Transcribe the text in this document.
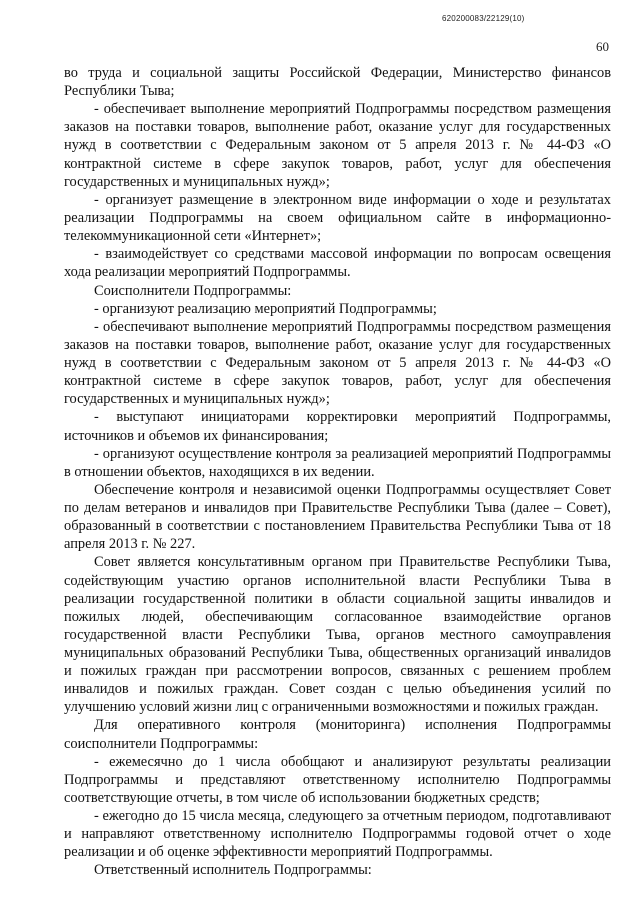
620200083/22129(10)
60

во труда и социальной защиты Российской Федерации, Министерство финансов Республики Тыва;

- обеспечивает выполнение мероприятий Подпрограммы посредством размещения заказов на поставки товаров, выполнение работ, оказание услуг для государственных нужд в соответствии с Федеральным законом от 5 апреля 2013 г. № 44-ФЗ «О контрактной системе в сфере закупок товаров, работ, услуг для обеспечения государственных и муниципальных нужд»;

- организует размещение в электронном виде информации о ходе и результатах реализации Подпрограммы на своем официальном сайте в информационно-телекоммуникационной сети «Интернет»;

- взаимодействует со средствами массовой информации по вопросам освещения хода реализации мероприятий Подпрограммы.

Соисполнители Подпрограммы:

- организуют реализацию мероприятий Подпрограммы;

- обеспечивают выполнение мероприятий Подпрограммы посредством размещения заказов на поставки товаров, выполнение работ, оказание услуг для государственных нужд в соответствии с Федеральным законом от 5 апреля 2013 г. № 44-ФЗ «О контрактной системе в сфере закупок товаров, работ, услуг для обеспечения государственных и муниципальных нужд»;

- выступают инициаторами корректировки мероприятий Подпрограммы, источников и объемов их финансирования;

- организуют осуществление контроля за реализацией мероприятий Подпрограммы в отношении объектов, находящихся в их ведении.

Обеспечение контроля и независимой оценки Подпрограммы осуществляет Совет по делам ветеранов и инвалидов при Правительстве Республики Тыва (далее – Совет), образованный в соответствии с постановлением Правительства Республики Тыва от 18 апреля 2013 г. № 227.

Совет является консультативным органом при Правительстве Республики Тыва, содействующим участию органов исполнительной власти Республики Тыва в реализации государственной политики в области социальной защиты инвалидов и пожилых людей, обеспечивающим согласованное взаимодействие органов государственной власти Республики Тыва, органов местного самоуправления муниципальных образований Республики Тыва, общественных организаций инвалидов и пожилых граждан при рассмотрении вопросов, связанных с решением проблем инвалидов и пожилых граждан. Совет создан с целью объединения усилий по улучшению условий жизни лиц с ограниченными возможностями и пожилых граждан.

Для оперативного контроля (мониторинга) исполнения Подпрограммы соисполнители Подпрограммы:

- ежемесячно до 1 числа обобщают и анализируют результаты реализации Подпрограммы и представляют ответственному исполнителю Подпрограммы соответствующие отчеты, в том числе об использовании бюджетных средств;

- ежегодно до 15 числа месяца, следующего за отчетным периодом, подготавливают и направляют ответственному исполнителю Подпрограммы годовой отчет о ходе реализации и об оценке эффективности мероприятий Подпрограммы.

Ответственный исполнитель Подпрограммы:
